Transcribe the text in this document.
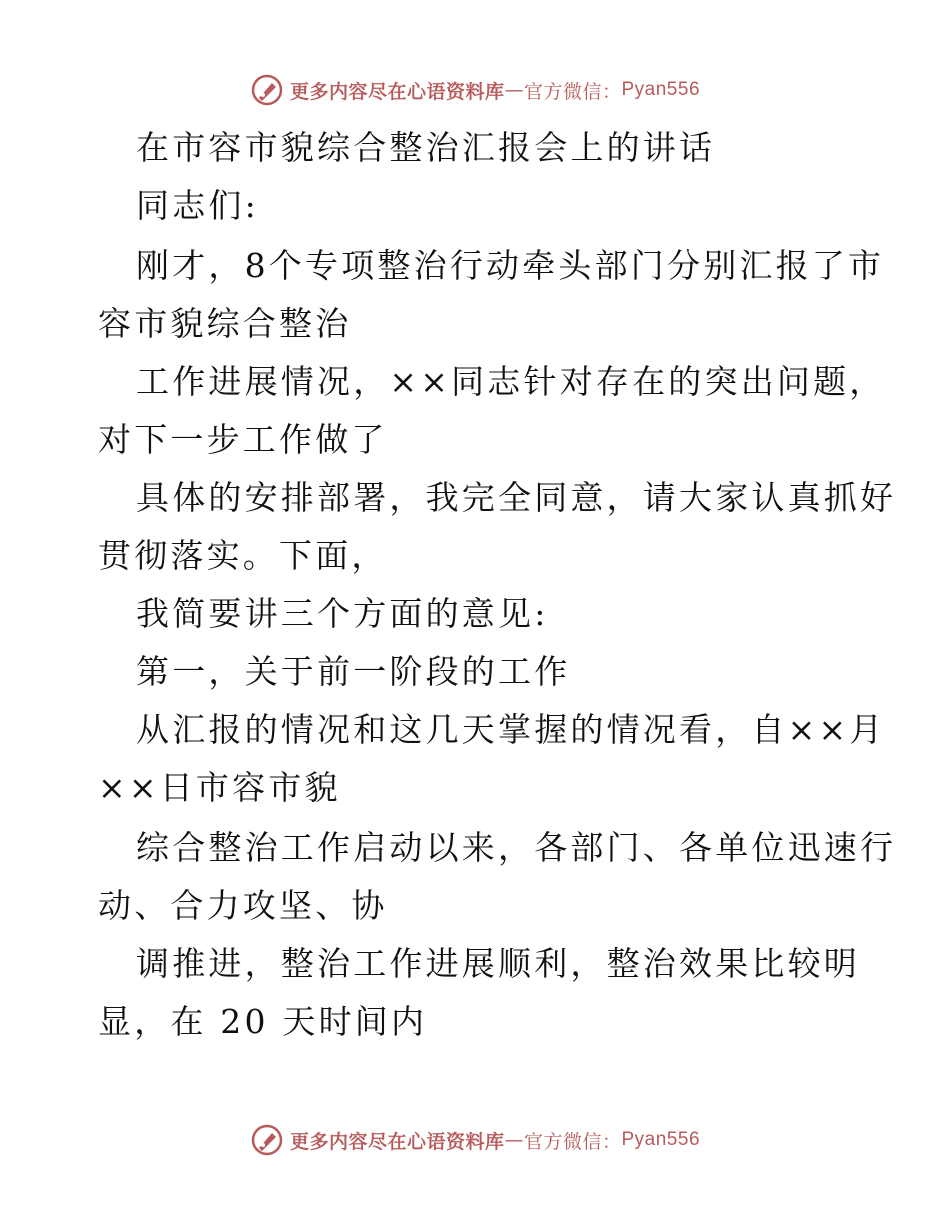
更多内容尽在心语资料库 — 官方微信： Pyan556
在市容市貌综合整治汇报会上的讲话
同志们:
刚才，8个专项整治行动牵头部门分别汇报了市
容市貌综合整治
工作进展情况，××同志针对存在的突出问题，
对下一步工作做了
具体的安排部署，我完全同意，请大家认真抓好
贯彻落实。下面，
我简要讲三个方面的意见:
第一，关于前一阶段的工作
从汇报的情况和这几天掌握的情况看，自××月
××日市容市貌
综合整治工作启动以来，各部门、各单位迅速行
动、合力攻坚、协
调推进，整治工作进展顺利，整治效果比较明
显，在 20 天时间内
更多内容尽在心语资料库 — 官方微信： Pyan556
